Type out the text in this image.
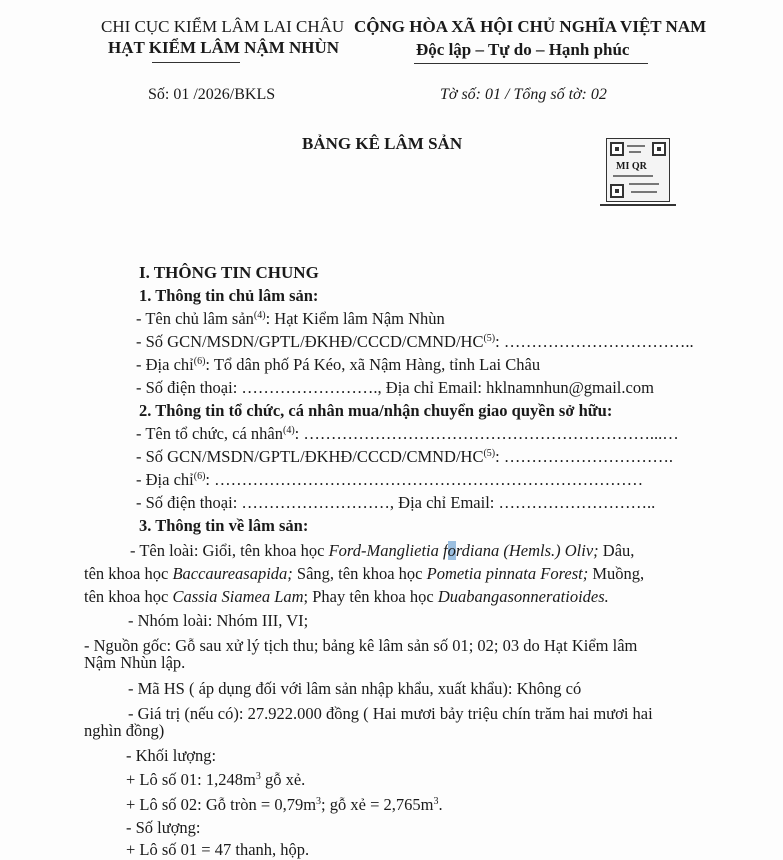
CHI CỤC KIỂM LÂM LAI CHÂU
HẠT KIỂM LÂM NẬM NHÙN
CỘNG HÒA XÃ HỘI CHỦ NGHĨA VIỆT NAM
Độc lập – Tự do – Hạnh phúc
Số: 01 /2026/BKLS	Tờ số: 01 / Tổng số tờ: 02
BẢNG KÊ LÂM SẢN
MI QR
I. THÔNG TIN CHUNG
1. Thông tin chủ lâm sản:
- Tên chủ lâm sản$^{(4)}$: Hạt Kiểm lâm Nậm Nhùn
- Số GCN/MSDN/GPTL/ĐKHĐ/CCCD/CMND/HC$^{(5)}$: ……………………………..
- Địa chỉ$^{(6)}$: Tổ dân phố Pá Kéo, xã Nậm Hàng, tỉnh Lai Châu
- Số điện thoại: ……………………., Địa chỉ Email: hklnamnhun@gmail.com
2. Thông tin tổ chức, cá nhân mua/nhận chuyển giao quyền sở hữu:
- Tên tổ chức, cá nhân$^{(4)}$: ………………………………………………………...…
- Số GCN/MSDN/GPTL/ĐKHĐ/CCCD/CMND/HC$^{(5)}$: ………………………….
- Địa chỉ$^{(6)}$: ……………………………………………………………………
- Số điện thoại: ………………………, Địa chỉ Email: ………………………..
3. Thông tin về lâm sản:
- Tên loài: Giổi, tên khoa học Ford-Manglietia fordiana (Hemls.) Oliv; Dâu,
tên khoa học Baccaureasapida; Sâng, tên khoa học Pometia pinnata Forest; Muồng,
tên khoa học Cassia Siamea Lam; Phay tên khoa học Duabangasonneratioides.
- Nhóm loài: Nhóm III, VI;
- Nguồn gốc: Gỗ sau xử lý tịch thu; bảng kê lâm sản số 01; 02; 03 do Hạt Kiểm lâm
Nậm Nhùn lập.
- Mã HS ( áp dụng đối với lâm sản nhập khẩu, xuất khẩu): Không có
- Giá trị (nếu có): 27.922.000 đồng ( Hai mươi bảy triệu chín trăm hai mươi hai
nghìn đồng)
- Khối lượng:
+ Lô số 01: $1,248m^3$ gỗ xẻ.
+ Lô số 02: Gỗ tròn = $0,79m^3$; gỗ xẻ = $2,765m^3$.
- Số lượng:
+ Lô số 01 = 47 thanh, hộp.
